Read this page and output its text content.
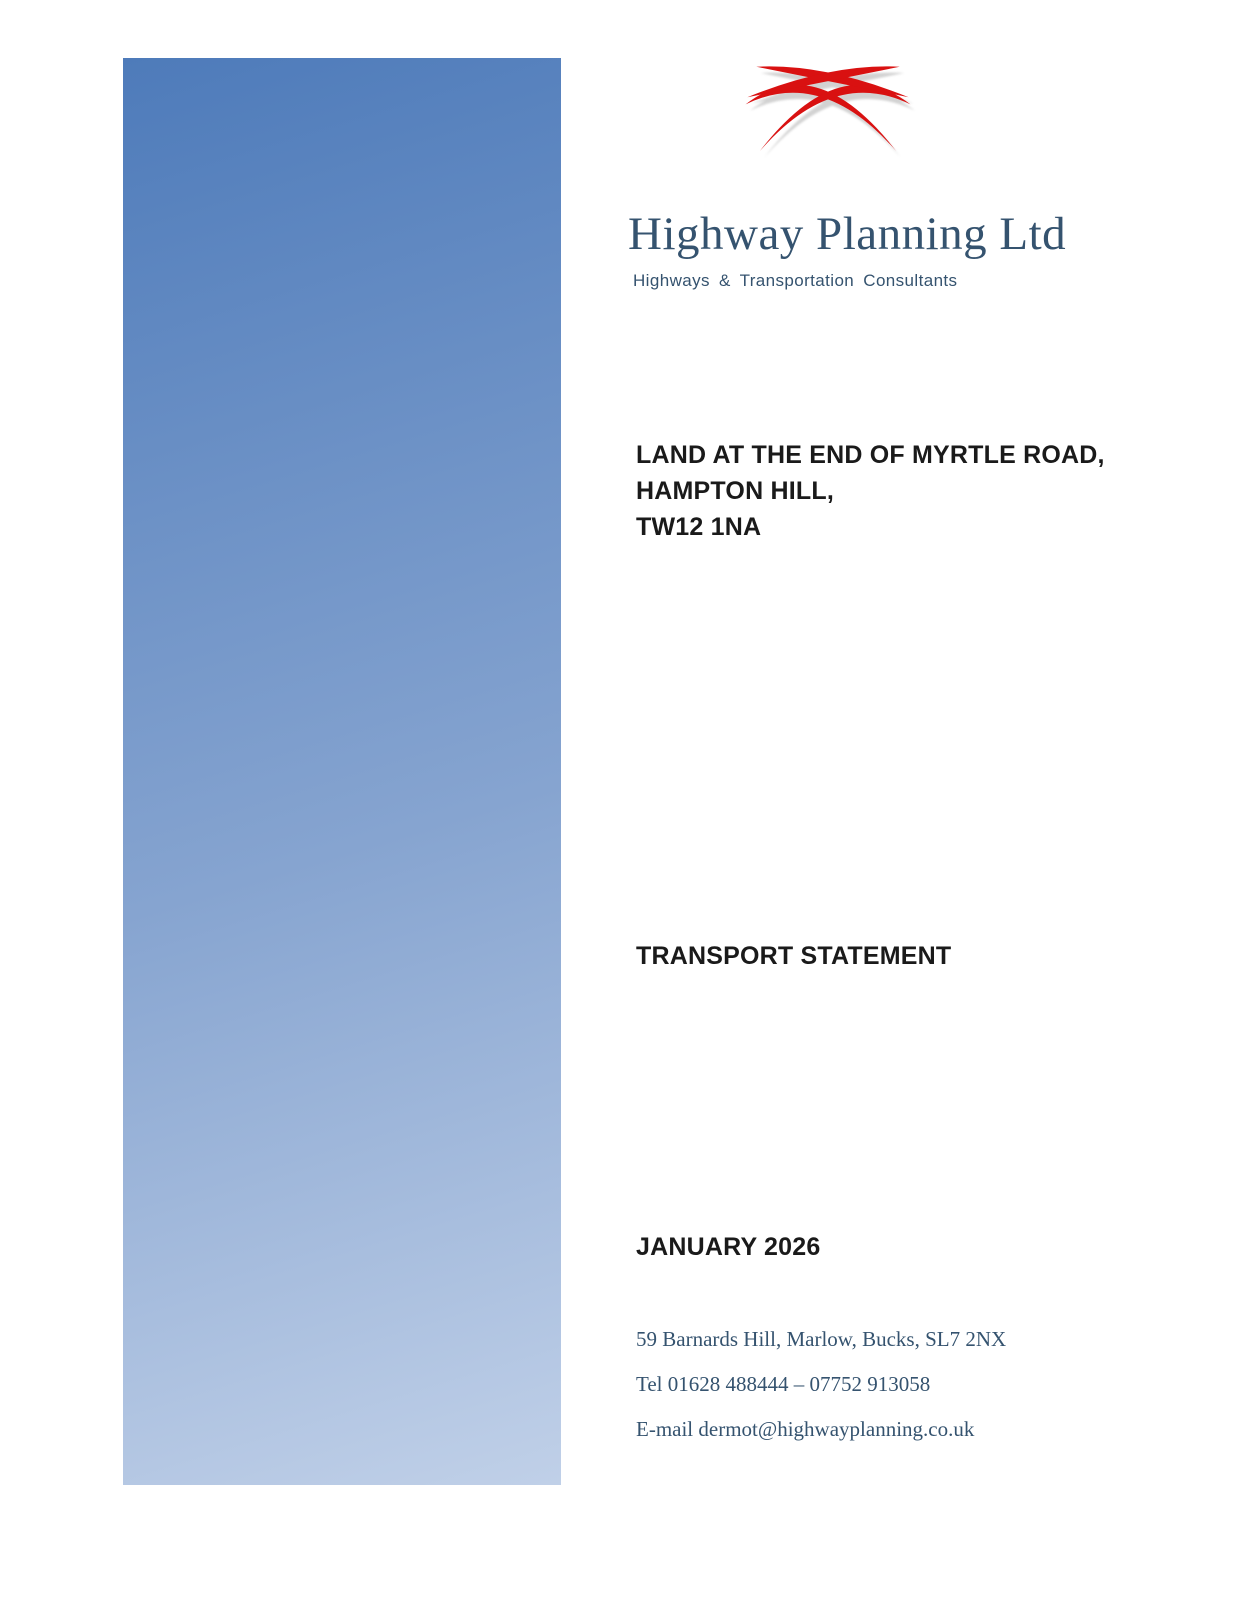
Highway Planning Ltd
Highways & Transportation Consultants
LAND AT THE END OF MYRTLE ROAD,
HAMPTON HILL,
TW12 1NA
TRANSPORT STATEMENT
JANUARY 2026

59 Barnards Hill, Marlow, Bucks, SL7 2NX

Tel 01628 488444 – 07752 913058

E-mail dermot@highwayplanning.co.uk
